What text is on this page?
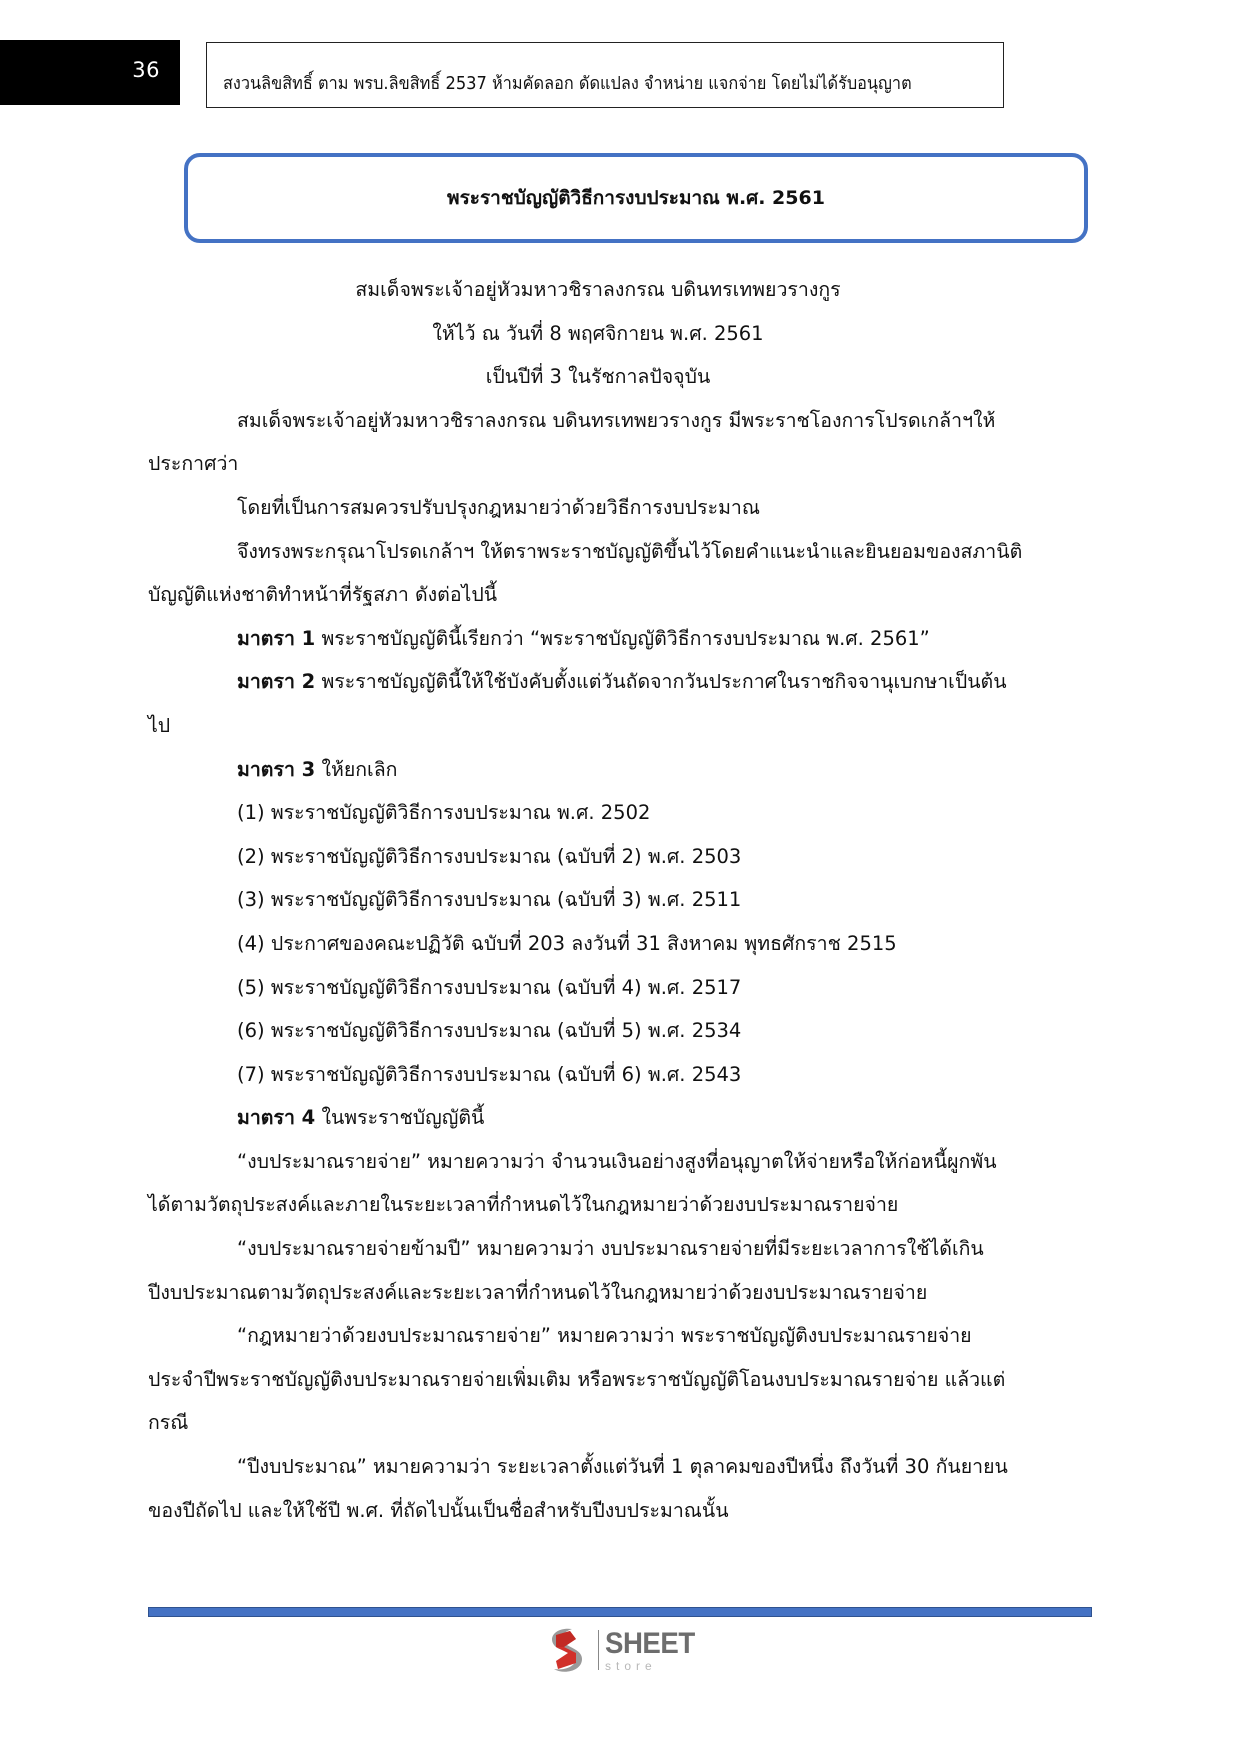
36
สงวนลิขสิทธิ์ ตาม พรบ.ลิขสิทธิ์ 2537 ห้ามคัดลอก ดัดแปลง จำหน่าย แจกจ่าย โดยไม่ได้รับอนุญาต
พระราชบัญญัติวิธีการงบประมาณ พ.ศ. 2561
สมเด็จพระเจ้าอยู่หัวมหาวชิราลงกรณ บดินทรเทพยวรางกูร
ให้ไว้ ณ วันที่ 8 พฤศจิกายน พ.ศ. 2561
เป็นปีที่ 3 ในรัชกาลปัจจุบัน
สมเด็จพระเจ้าอยู่หัวมหาวชิราลงกรณ บดินทรเทพยวรางกูร มีพระราชโองการโปรดเกล้าฯให้
ประกาศว่า
โดยที่เป็นการสมควรปรับปรุงกฎหมายว่าด้วยวิธีการงบประมาณ
จึงทรงพระกรุณาโปรดเกล้าฯ ให้ตราพระราชบัญญัติขึ้นไว้โดยคำแนะนำและยินยอมของสภานิติ
บัญญัติแห่งชาติทำหน้าที่รัฐสภา ดังต่อไปนี้
มาตรา 1 พระราชบัญญัตินี้เรียกว่า “พระราชบัญญัติวิธีการงบประมาณ พ.ศ. 2561”
มาตรา 2 พระราชบัญญัตินี้ให้ใช้บังคับตั้งแต่วันถัดจากวันประกาศในราชกิจจานุเบกษาเป็นต้น
ไป
มาตรา 3 ให้ยกเลิก
(1) พระราชบัญญัติวิธีการงบประมาณ พ.ศ. 2502
(2) พระราชบัญญัติวิธีการงบประมาณ (ฉบับที่ 2) พ.ศ. 2503
(3) พระราชบัญญัติวิธีการงบประมาณ (ฉบับที่ 3) พ.ศ. 2511
(4) ประกาศของคณะปฏิวัติ ฉบับที่ 203 ลงวันที่ 31 สิงหาคม พุทธศักราช 2515
(5) พระราชบัญญัติวิธีการงบประมาณ (ฉบับที่ 4) พ.ศ. 2517
(6) พระราชบัญญัติวิธีการงบประมาณ (ฉบับที่ 5) พ.ศ. 2534
(7) พระราชบัญญัติวิธีการงบประมาณ (ฉบับที่ 6) พ.ศ. 2543
มาตรา 4 ในพระราชบัญญัตินี้
“งบประมาณรายจ่าย” หมายความว่า จำนวนเงินอย่างสูงที่อนุญาตให้จ่ายหรือให้ก่อหนี้ผูกพัน
ได้ตามวัตถุประสงค์และภายในระยะเวลาที่กำหนดไว้ในกฎหมายว่าด้วยงบประมาณรายจ่าย
“งบประมาณรายจ่ายข้ามปี” หมายความว่า งบประมาณรายจ่ายที่มีระยะเวลาการใช้ได้เกิน
ปีงบประมาณตามวัตถุประสงค์และระยะเวลาที่กำหนดไว้ในกฎหมายว่าด้วยงบประมาณรายจ่าย
“กฎหมายว่าด้วยงบประมาณรายจ่าย” หมายความว่า พระราชบัญญัติงบประมาณรายจ่าย
ประจำปีพระราชบัญญัติงบประมาณรายจ่ายเพิ่มเติม หรือพระราชบัญญัติโอนงบประมาณรายจ่าย แล้วแต่
กรณี
“ปีงบประมาณ” หมายความว่า ระยะเวลาตั้งแต่วันที่ 1 ตุลาคมของปีหนึ่ง ถึงวันที่ 30 กันยายน
ของปีถัดไป และให้ใช้ปี พ.ศ. ที่ถัดไปนั้นเป็นชื่อสำหรับปีงบประมาณนั้น
SHEET
store
